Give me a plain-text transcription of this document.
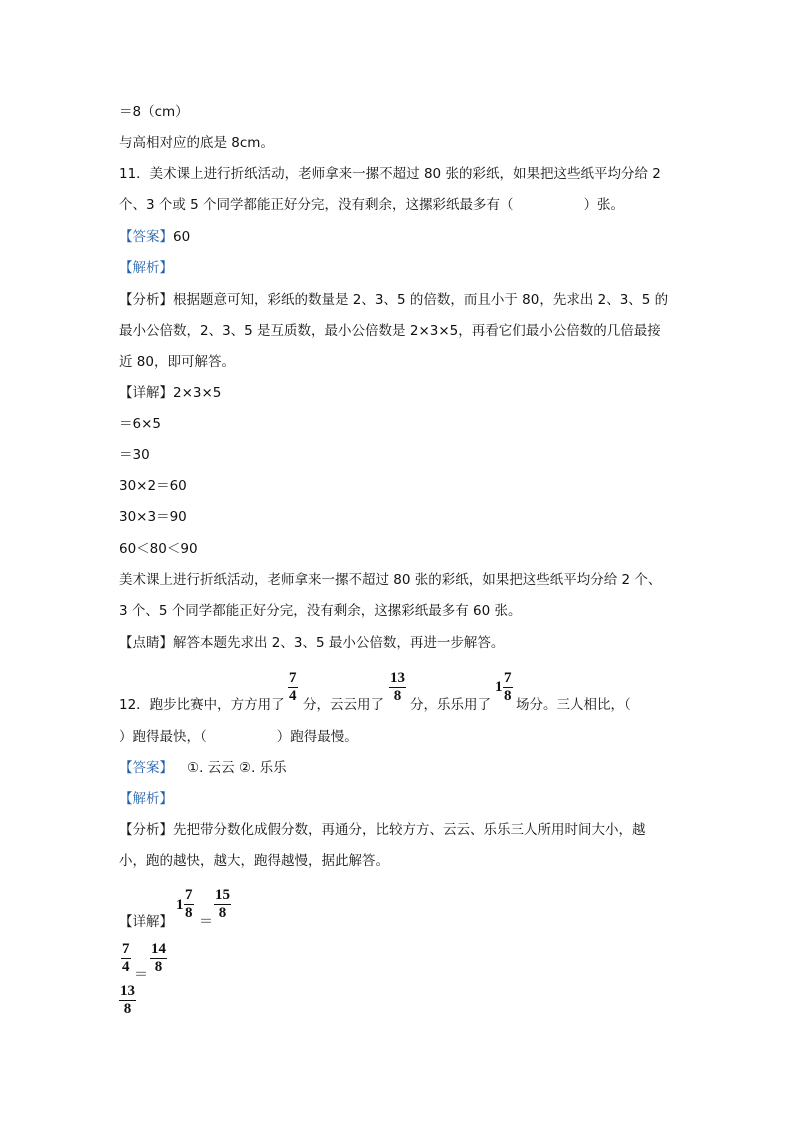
＝8（cm）
与高相对应的底是 8cm。
11．美术课上进行折纸活动，老师拿来一摞不超过 80 张的彩纸，如果把这些纸平均分给 2
个、3 个或 5 个同学都能正好分完，没有剩余，这摞彩纸最多有（	）张。
【答案】60
【解析】
【分析】根据题意可知，彩纸的数量是 2、3、5 的倍数，而且小于 80，先求出 2、3、5 的
最小公倍数，2、3、5 是互质数，最小公倍数是 2×3×5，再看它们最小公倍数的几倍最接
近 80，即可解答。
【详解】2×3×5
＝6×5
＝30
30×2＝60
30×3＝90
60＜80＜90
美术课上进行折纸活动，老师拿来一摞不超过 80 张的彩纸，如果把这些纸平均分给 2 个、
3 个、5 个同学都能正好分完，没有剩余，这摞彩纸最多有 60 张。
【点睛】解答本题先求出 2、3、5 最小公倍数，再进一步解答。
12．跑步比赛中，方方用了
7
4
分，云云用了
13
8
分，乐乐用了
1
7
8
场分。三人相比，（
）跑得最快，（	）跑得最慢。
【答案】 ①. 云云 ②. 乐乐
【解析】
【分析】先把带分数化成假分数，再通分，比较方方、云云、乐乐三人所用时间大小，越
小，跑的越快，越大，跑得越慢，据此解答。
【详解】
1
7
8
＝
15
8
7
4 ＝
14
8
13
8
